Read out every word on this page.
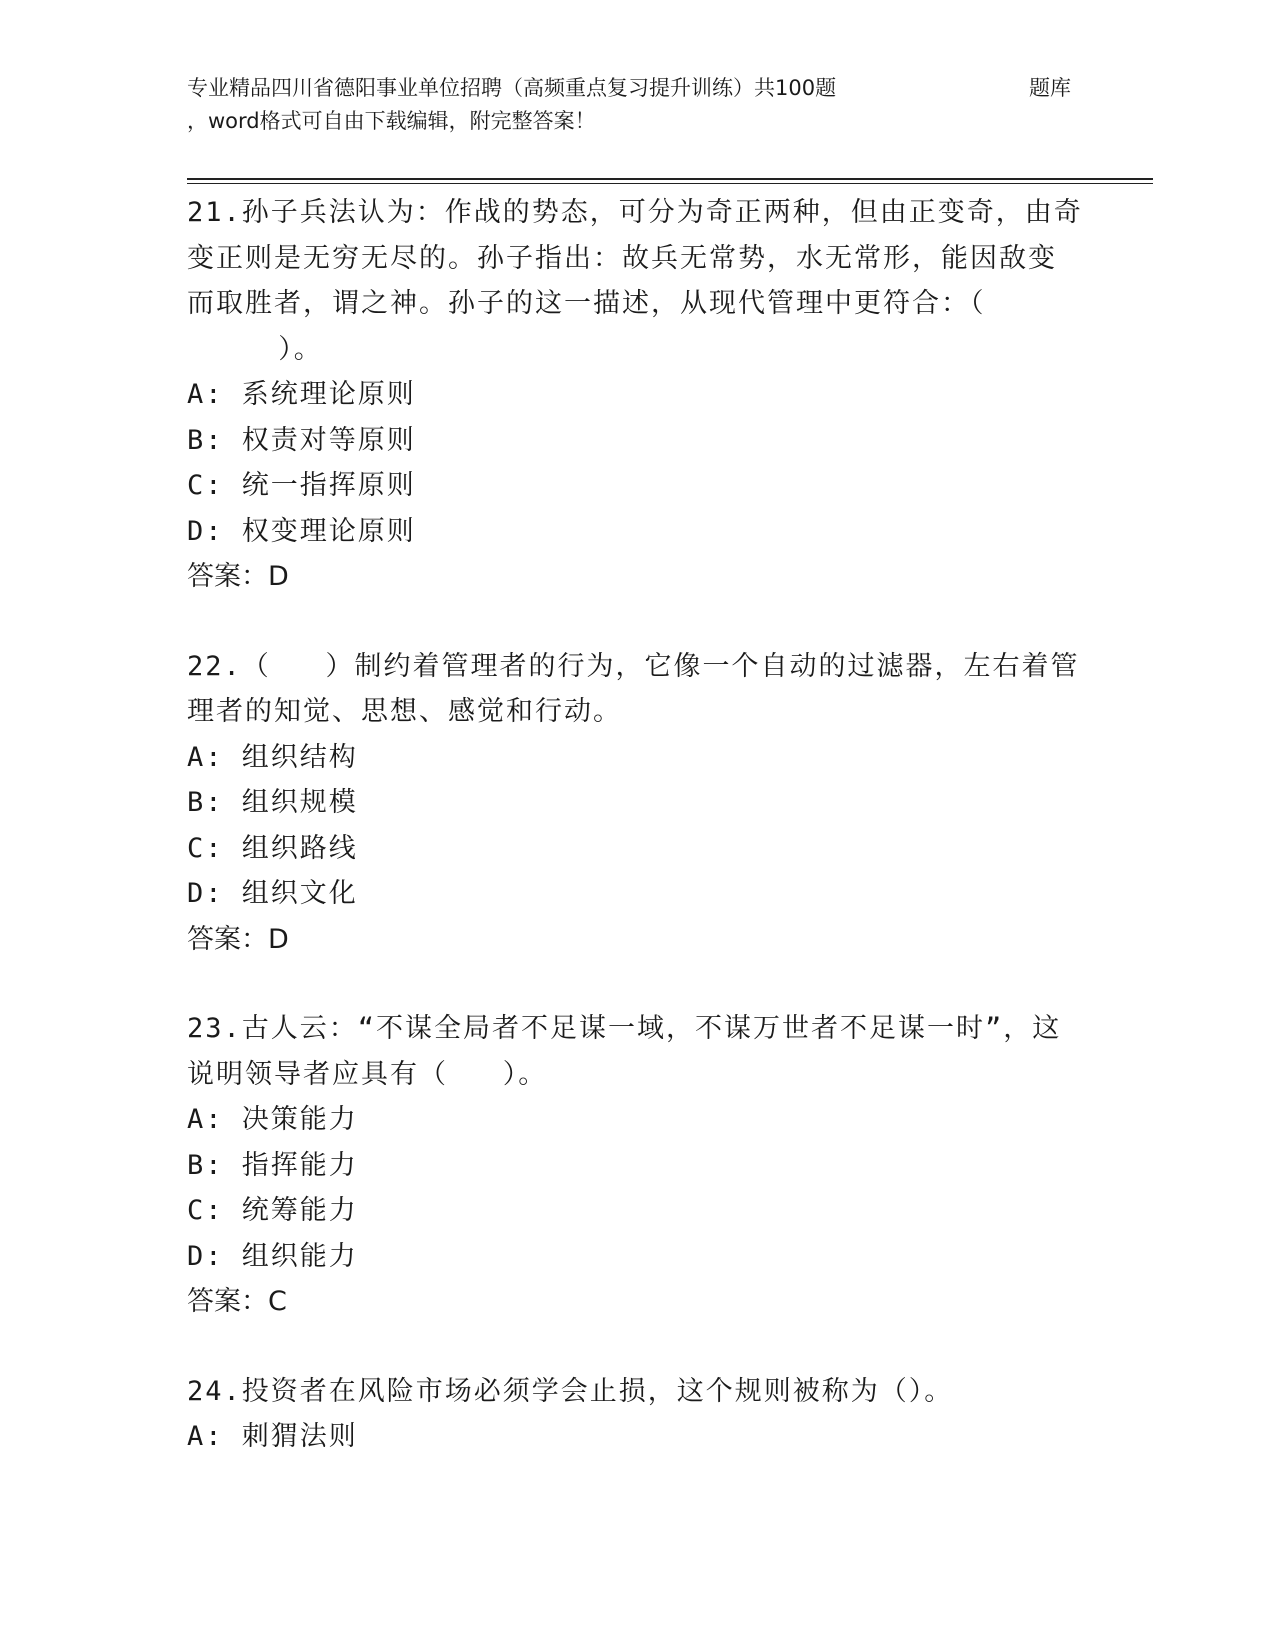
专业精品四川省德阳事业单位招聘（高频重点复习提升训练）共100题	题库
，word格式可自由下载编辑，附完整答案！
21.孙子兵法认为：作战的势态，可分为奇正两种，但由正变奇，由奇
变正则是无穷无尽的。孙子指出：故兵无常势，水无常形，能因敌变
而取胜者，谓之神。孙子的这一描述，从现代管理中更符合：（
）。
A: 系统理论原则
B: 权责对等原则
C: 统一指挥原则
D: 权变理论原则
答案：D
22.（   ）制约着管理者的行为，它像一个自动的过滤器，左右着管
理者的知觉、思想、感觉和行动。
A: 组织结构
B: 组织规模
C: 组织路线
D: 组织文化
答案：D
23.古人云：“不谋全局者不足谋一域，不谋万世者不足谋一时”，这
说明领导者应具有（   ）。
A: 决策能力
B: 指挥能力
C: 统筹能力
D: 组织能力
答案：C
24.投资者在风险市场必须学会止损，这个规则被称为（）。
A: 刺猬法则
